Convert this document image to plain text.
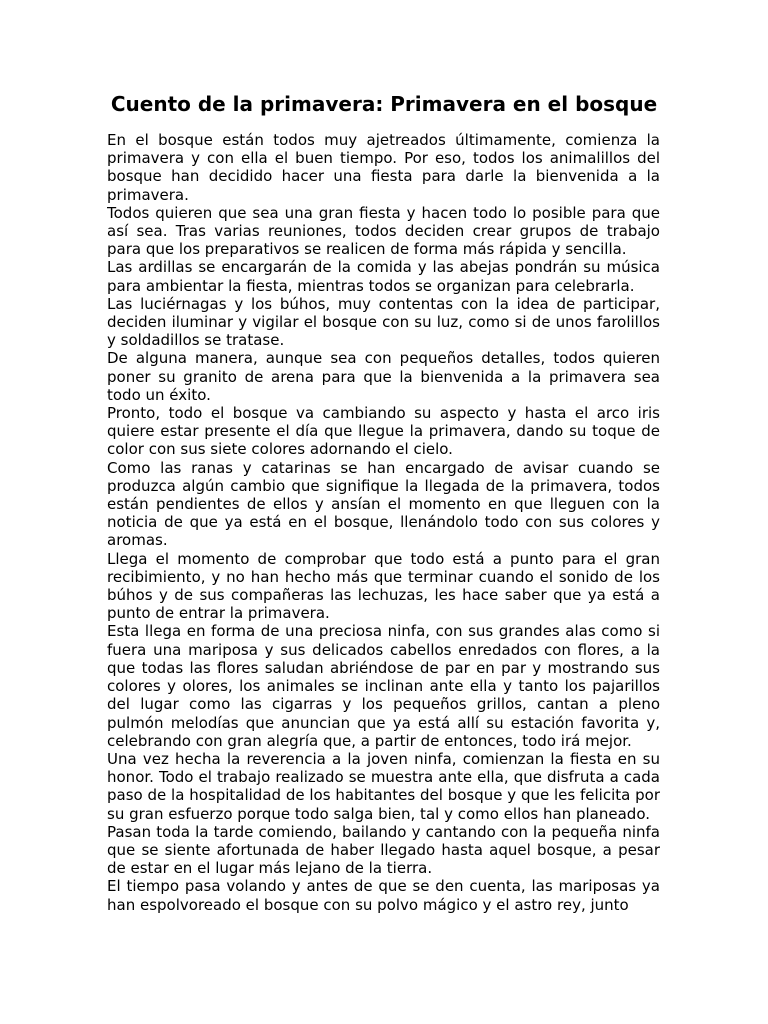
Cuento de la primavera: Primavera en el bosque

En el bosque están todos muy ajetreados últimamente, comienza la primavera y con ella el buen tiempo. Por eso, todos los animalillos del bosque han decidido hacer una fiesta para darle la bienvenida a la primavera.

Todos quieren que sea una gran fiesta y hacen todo lo posible para que así sea. Tras varias reuniones, todos deciden crear grupos de trabajo para que los preparativos se realicen de forma más rápida y sencilla.

Las ardillas se encargarán de la comida y las abejas pondrán su música para ambientar la fiesta, mientras todos se organizan para celebrarla.

Las luciérnagas y los búhos, muy contentas con la idea de participar, deciden iluminar y vigilar el bosque con su luz, como si de unos farolillos y soldadillos se tratase.

De alguna manera, aunque sea con pequeños detalles, todos quieren poner su granito de arena para que la bienvenida a la primavera sea todo un éxito.

Pronto, todo el bosque va cambiando su aspecto y hasta el arco iris quiere estar presente el día que llegue la primavera, dando su toque de color con sus siete colores adornando el cielo.

Como las ranas y catarinas se han encargado de avisar cuando se produzca algún cambio que signifique la llegada de la primavera, todos están pendientes de ellos y ansían el momento en que lleguen con la noticia de que ya está en el bosque, llenándolo todo con sus colores y aromas.

Llega el momento de comprobar que todo está a punto para el gran recibimiento, y no han hecho más que terminar cuando el sonido de los búhos y de sus compañeras las lechuzas, les hace saber que ya está a punto de entrar la primavera.

Esta llega en forma de una preciosa ninfa, con sus grandes alas como si fuera una mariposa y sus delicados cabellos enredados con flores, a la que todas las flores saludan abriéndose de par en par y mostrando sus colores y olores, los animales se inclinan ante ella y tanto los pajarillos del lugar como las cigarras y los pequeños grillos, cantan a pleno pulmón melodías que anuncian que ya está allí su estación favorita y, celebrando con gran alegría que, a partir de entonces, todo irá mejor.

Una vez hecha la reverencia a la joven ninfa, comienzan la fiesta en su honor. Todo el trabajo realizado se muestra ante ella, que disfruta a cada paso de la hospitalidad de los habitantes del bosque y que les felicita por su gran esfuerzo porque todo salga bien, tal y como ellos han planeado.

Pasan toda la tarde comiendo, bailando y cantando con la pequeña ninfa que se siente afortunada de haber llegado hasta aquel bosque, a pesar de estar en el lugar más lejano de la tierra.

El tiempo pasa volando y antes de que se den cuenta, las mariposas ya han espolvoreado el bosque con su polvo mágico y el astro rey, junto
